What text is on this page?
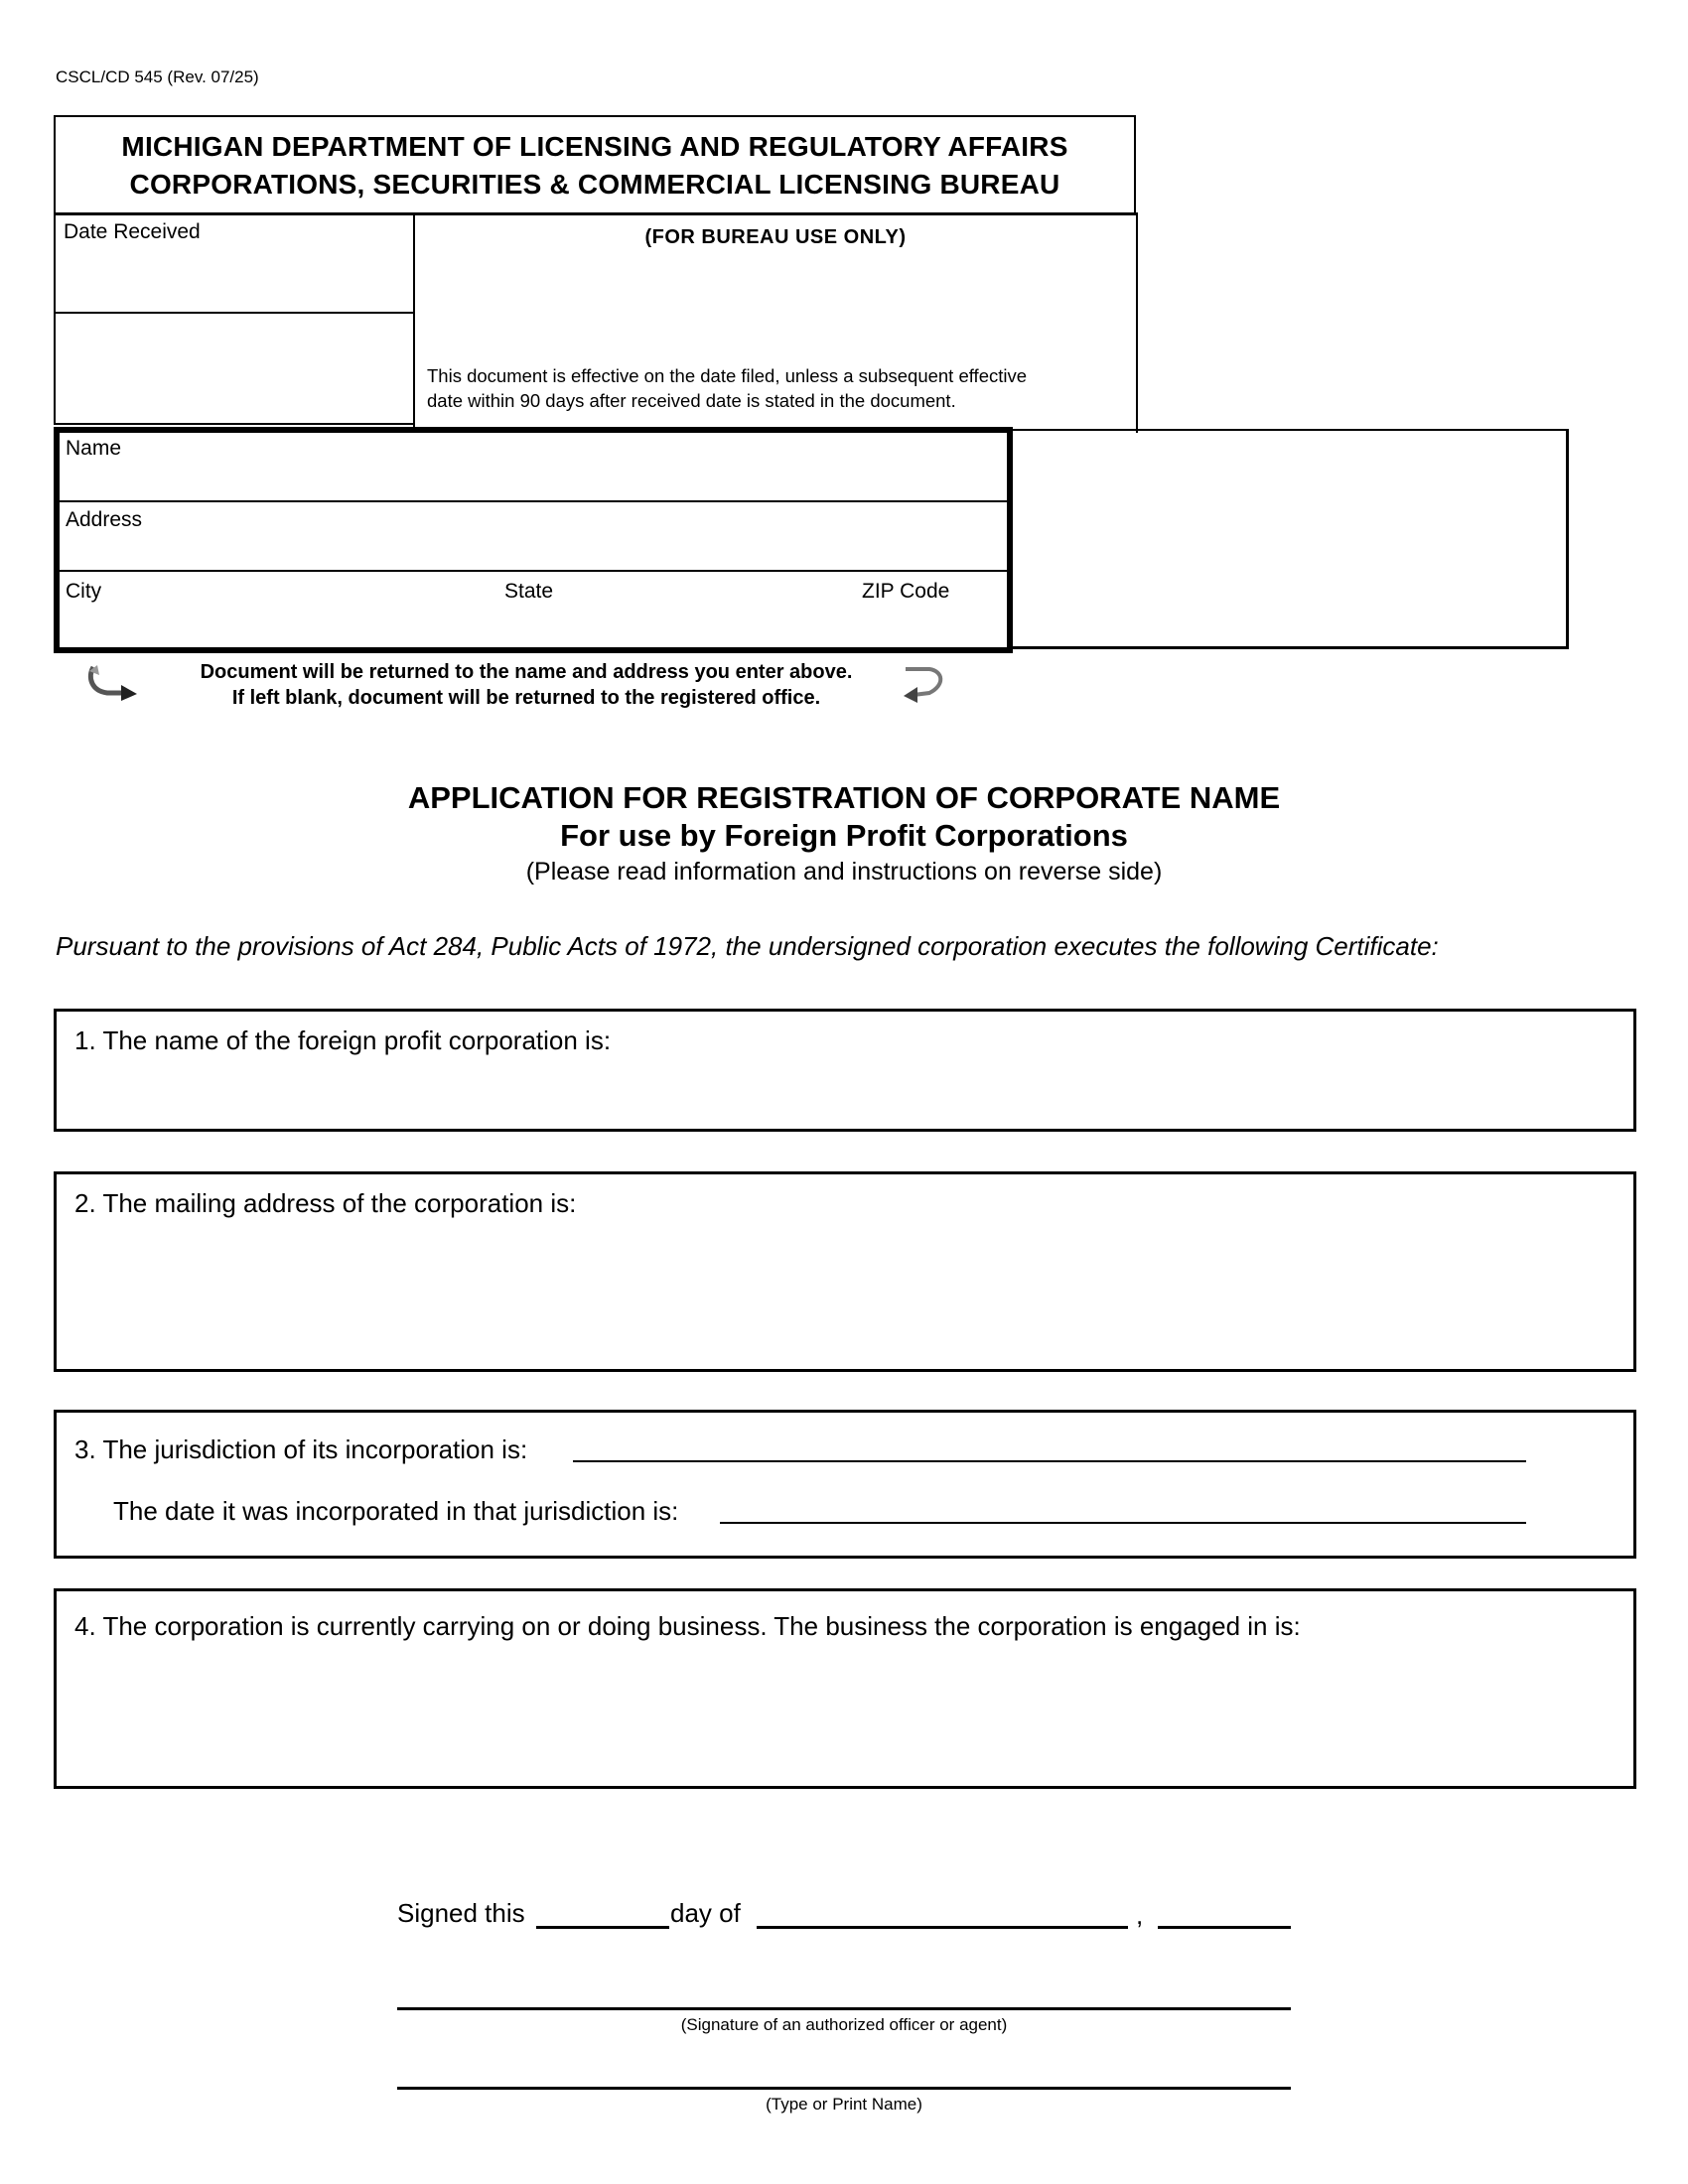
CSCL/CD 545 (Rev. 07/25)
MICHIGAN DEPARTMENT OF LICENSING AND REGULATORY AFFAIRS
CORPORATIONS, SECURITIES & COMMERCIAL LICENSING BUREAU
Date Received	(FOR BUREAU USE ONLY)
This document is effective on the date filed, unless a subsequent effective
date within 90 days after received date is stated in the document.
Name
Address
City	State	ZIP Code
Document will be returned to the name and address you enter above.
If left blank, document will be returned to the registered office.
APPLICATION FOR REGISTRATION OF CORPORATE NAME
For use by Foreign Profit Corporations
(Please read information and instructions on reverse side)
Pursuant to the provisions of Act 284, Public Acts of 1972, the undersigned corporation executes the following Certificate:
1. The name of the foreign profit corporation is:
2. The mailing address of the corporation is:
3. The jurisdiction of its incorporation is:
The date it was incorporated in that jurisdiction is:
4. The corporation is currently carrying on or doing business. The business the corporation is engaged in is:
Signed this	day of	,
(Signature of an authorized officer or agent)
(Type or Print Name)
